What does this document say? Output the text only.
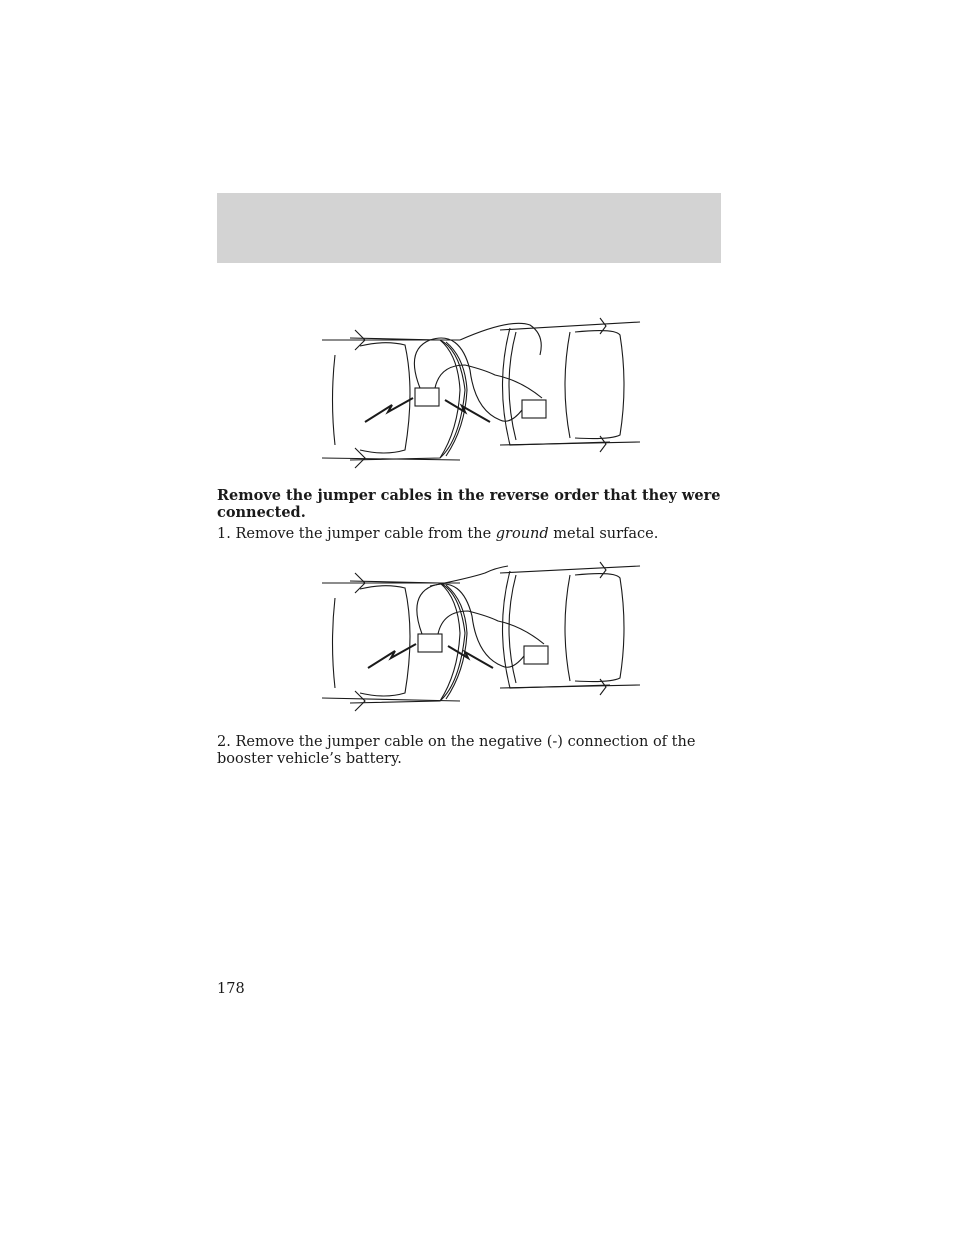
Remove the jumper cables in the reverse order that they were connected.
1. Remove the jumper cable from the ground metal surface.
2. Remove the jumper cable on the negative (-) connection of the booster vehicle’s battery.
178
